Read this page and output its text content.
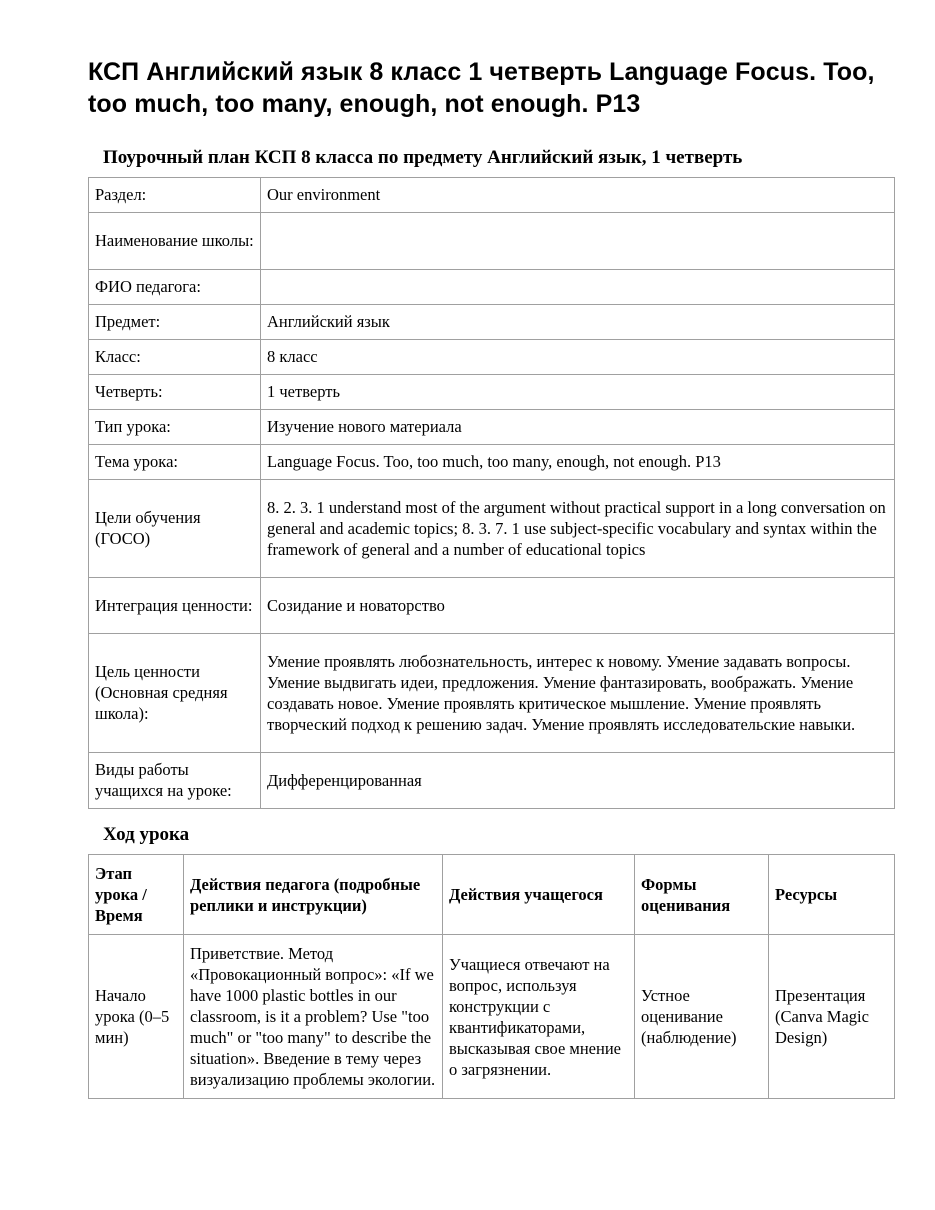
КСП Английский язык 8 класс 1 четверть Language Focus. Too, too much, too many, enough, not enough. P13
Поурочный план КСП 8 класса по предмету Английский язык, 1 четверть
Раздел:	Our environment
Наименование школы:	
ФИО педагога:	
Предмет:	Английский язык
Класс:	8 класс
Четверть:	1 четверть
Тип урока:	Изучение нового материала
Тема урока:	Language Focus. Too, too much, too many, enough, not enough. P13
Цели обучения (ГОСО)	8. 2. 3. 1 understand most of the argument without practical support in a long conversation on general and academic topics; 8. 3. 7. 1 use subject-specific vocabulary and syntax within the framework of general and a number of educational topics
Интеграция ценности:	Созидание и новаторство
Цель ценности (Основная средняя школа):	Умение проявлять любознательность, интерес к новому. Умение задавать вопросы. Умение выдвигать идеи, предложения. Умение фантазировать, воображать. Умение создавать новое. Умение проявлять критическое мышление. Умение проявлять творческий подход к решению задач. Умение проявлять исследовательские навыки.
Виды работы учащихся на уроке:	Дифференцированная
Ход урока
Этап урока / Время	Действия педагога (подробные реплики и инструкции)	Действия учащегося	Формы оценивания	Ресурсы
Начало урока (0–5 мин)	Приветствие. Метод «Провокационный вопрос»: «If we have 1000 plastic bottles in our classroom, is it a problem? Use "too much" or "too many" to describe the situation». Введение в тему через визуализацию проблемы экологии.	Учащиеся отвечают на вопрос, используя конструкции с квантификаторами, высказывая свое мнение о загрязнении.	Устное оценивание (наблюдение)	Презентация (Canva Magic Design)
